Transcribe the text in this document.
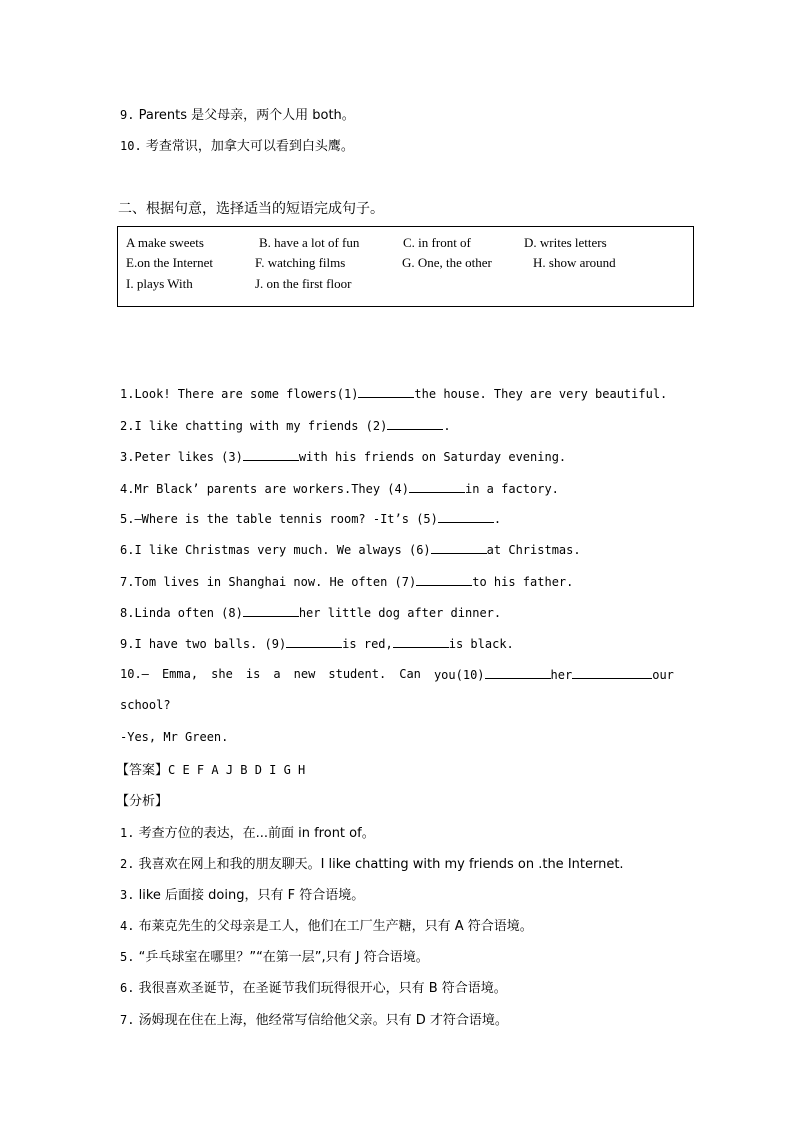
9. Parents 是父母亲，两个人用 both。
10. 考查常识，加拿大可以看到白头鹰。
二、根据句意，选择适当的短语完成句子。
A make sweets	B. have a lot of fun	C. in front of	D. writes letters
E.on the Internet	F. watching films	G. One, the other	H. show around
I. plays With	J. on the first floor
1.Look! There are some flowers(1)	the house. They are very beautiful.
2.I like chatting with my friends (2)	.
3.Peter likes (3)	with his friends on Saturday evening.
4.Mr Black’ parents are workers.They (4)	in a factory.
5.—Where is the table tennis room? -It’s (5)	.
6.I like Christmas very much. We always (6)	at Christmas.
7.Tom lives in Shanghai now. He often (7)	to his father.
8.Linda often (8)	her little dog after dinner.
9.I have two balls. (9)	is red,	is black.
10.— Emma, she is a new student. Can you(10)	her	our
school?
-Yes, Mr Green.
【答案】C E F A J B D I G H
【分析】
1. 考查方位的表达，在...前面 in front of。
2. 我喜欢在网上和我的朋友聊天。I like chatting with my friends on .the Internet.
3. like 后面接 doing，只有 F 符合语境。
4. 布莱克先生的父母亲是工人，他们在工厂生产糖，只有 A 符合语境。
5. “乒乓球室在哪里？”“在第一层”,只有 J 符合语境。
6. 我很喜欢圣诞节，在圣诞节我们玩得很开心，只有 B 符合语境。
7. 汤姆现在住在上海，他经常写信给他父亲。只有 D 才符合语境。
